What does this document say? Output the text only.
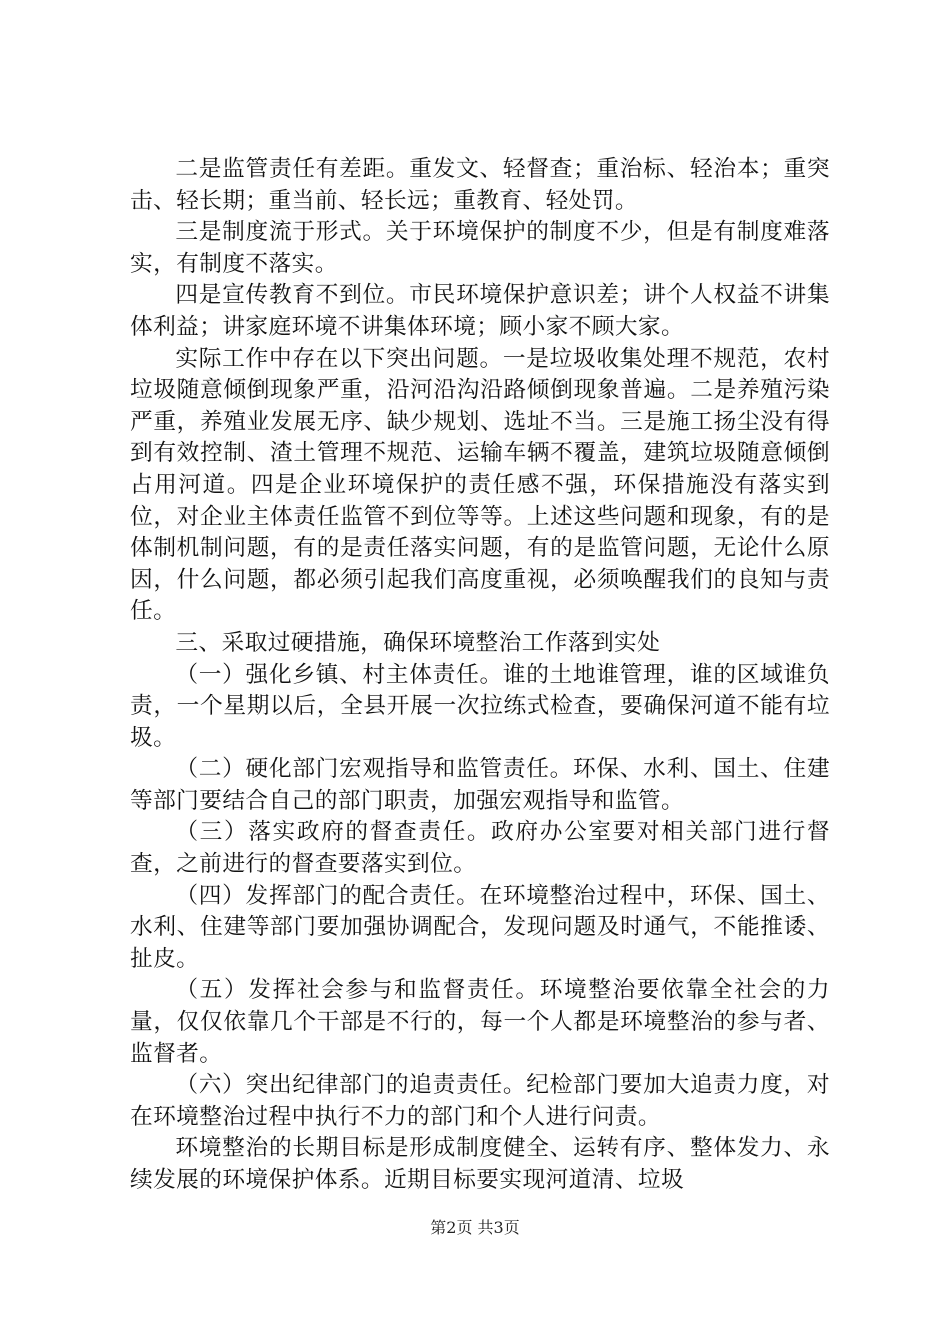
二是监管责任有差距。重发文、轻督查；重治标、轻治本；重突击、轻长期；重当前、轻长远；重教育、轻处罚。

三是制度流于形式。关于环境保护的制度不少，但是有制度难落实，有制度不落实。

四是宣传教育不到位。市民环境保护意识差；讲个人权益不讲集体利益；讲家庭环境不讲集体环境；顾小家不顾大家。

实际工作中存在以下突出问题。一是垃圾收集处理不规范，农村垃圾随意倾倒现象严重，沿河沿沟沿路倾倒现象普遍。二是养殖污染严重，养殖业发展无序、缺少规划、选址不当。三是施工扬尘没有得到有效控制、渣土管理不规范、运输车辆不覆盖，建筑垃圾随意倾倒占用河道。四是企业环境保护的责任感不强，环保措施没有落实到位，对企业主体责任监管不到位等等。上述这些问题和现象，有的是体制机制问题，有的是责任落实问题，有的是监管问题，无论什么原因，什么问题，都必须引起我们高度重视，必须唤醒我们的良知与责任。

三、采取过硬措施，确保环境整治工作落到实处

（一）强化乡镇、村主体责任。谁的土地谁管理，谁的区域谁负责，一个星期以后，全县开展一次拉练式检查，要确保河道不能有垃圾。

（二）硬化部门宏观指导和监管责任。环保、水利、国土、住建等部门要结合自己的部门职责，加强宏观指导和监管。

（三）落实政府的督查责任。政府办公室要对相关部门进行督查，之前进行的督查要落实到位。

（四）发挥部门的配合责任。在环境整治过程中，环保、国土、水利、住建等部门要加强协调配合，发现问题及时通气，不能推诿、扯皮。

（五）发挥社会参与和监督责任。环境整治要依靠全社会的力量，仅仅依靠几个干部是不行的，每一个人都是环境整治的参与者、监督者。

（六）突出纪律部门的追责责任。纪检部门要加大追责力度，对在环境整治过程中执行不力的部门和个人进行问责。

环境整治的长期目标是形成制度健全、运转有序、整体发力、永续发展的环境保护体系。近期目标要实现河道清、垃圾

第2页 共3页
